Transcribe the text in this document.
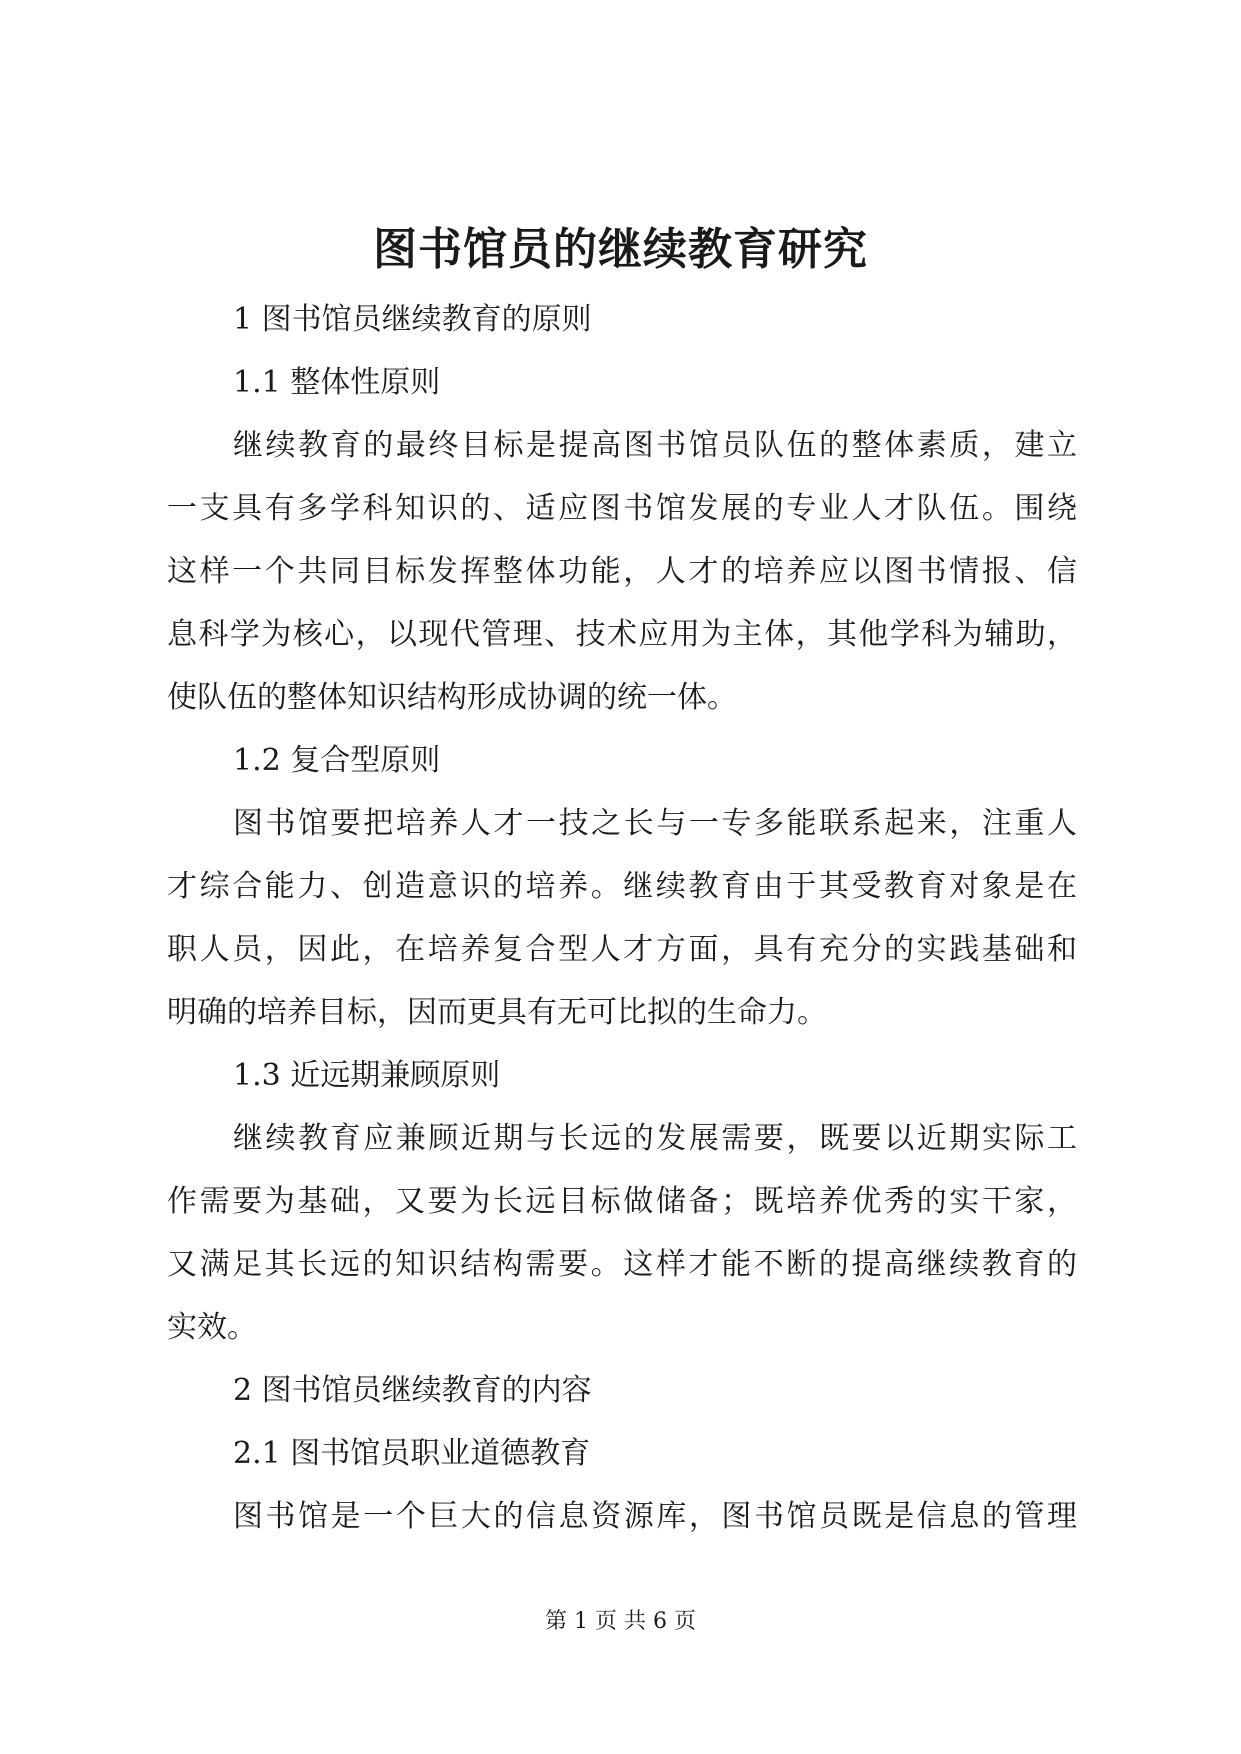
图书馆员的继续教育研究

1 图书馆员继续教育的原则

1.1 整体性原则

继续教育的最终目标是提高图书馆员队伍的整体素质，建立

一支具有多学科知识的、适应图书馆发展的专业人才队伍。围绕

这样一个共同目标发挥整体功能，人才的培养应以图书情报、信

息科学为核心，以现代管理、技术应用为主体，其他学科为辅助，

使队伍的整体知识结构形成协调的统一体。

1.2 复合型原则

图书馆要把培养人才一技之长与一专多能联系起来，注重人

才综合能力、创造意识的培养。继续教育由于其受教育对象是在

职人员，因此，在培养复合型人才方面，具有充分的实践基础和

明确的培养目标，因而更具有无可比拟的生命力。

1.3 近远期兼顾原则

继续教育应兼顾近期与长远的发展需要，既要以近期实际工

作需要为基础，又要为长远目标做储备；既培养优秀的实干家，

又满足其长远的知识结构需要。这样才能不断的提高继续教育的

实效。

2 图书馆员继续教育的内容

2.1 图书馆员职业道德教育

图书馆是一个巨大的信息资源库，图书馆员既是信息的管理

第 1 页 共 6 页
